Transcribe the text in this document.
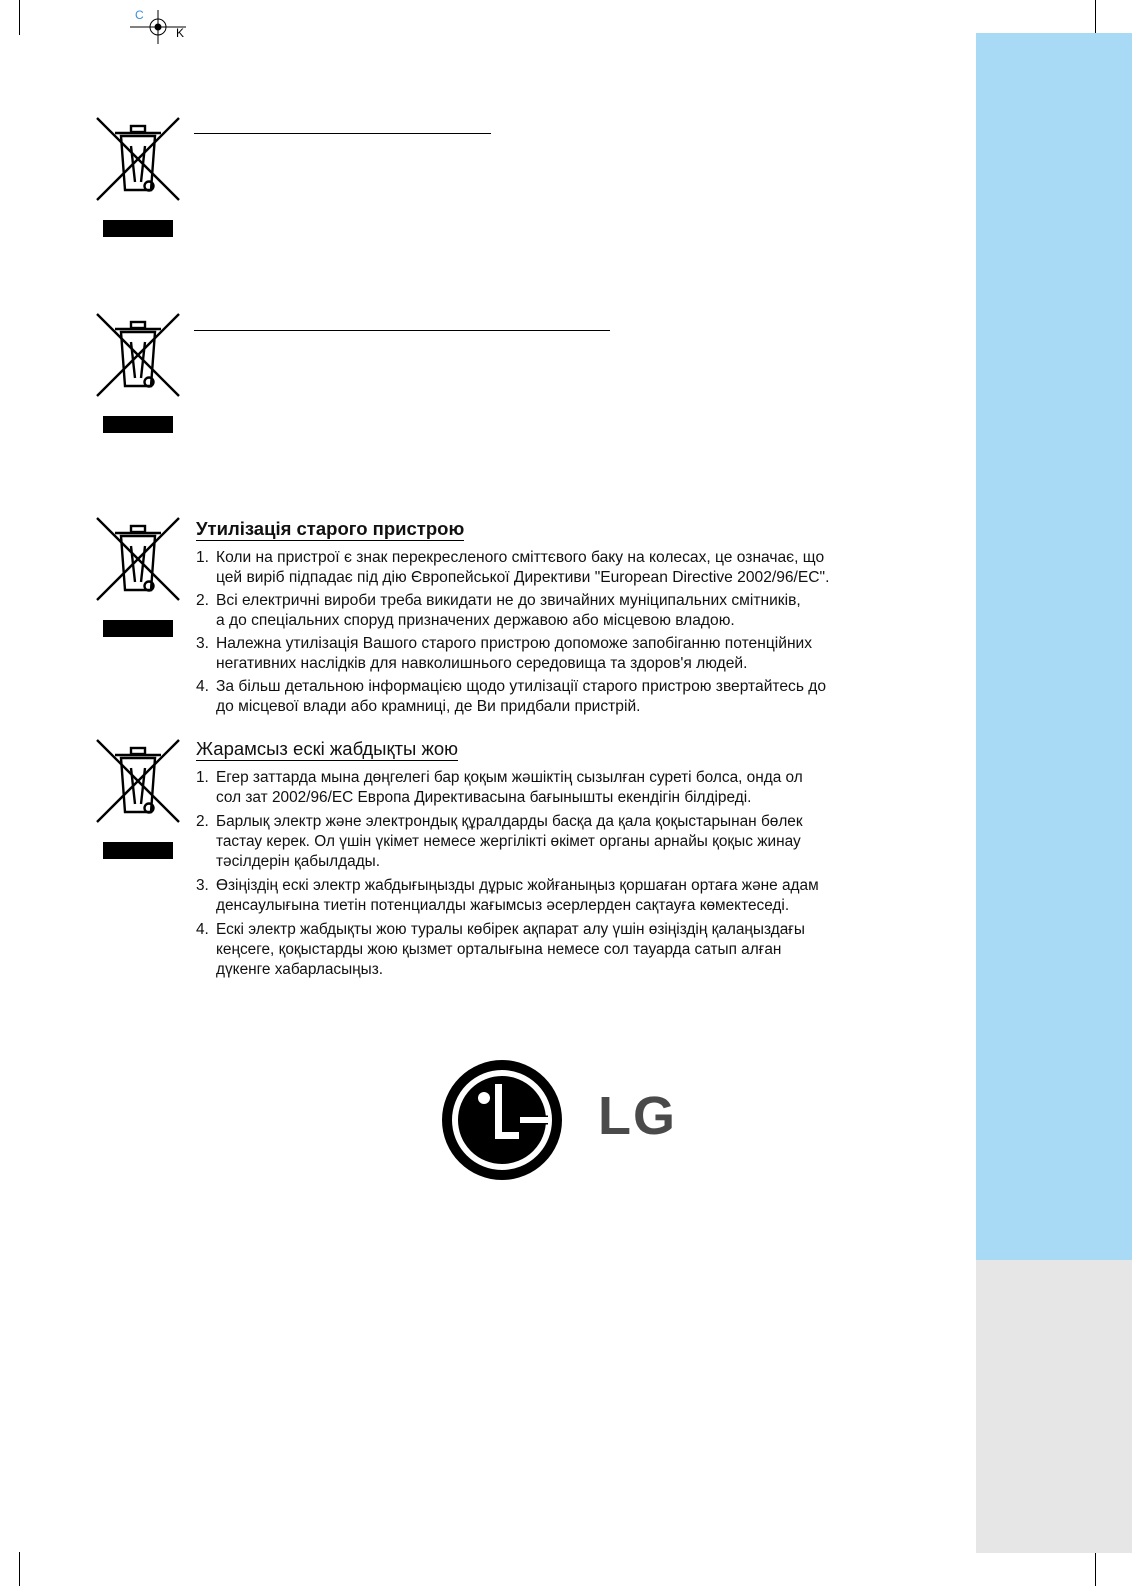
C
K
Утилізація старого пристрою
1. Коли на пристрої є знак перекресленого сміттєвого баку на колесах, це означає, що
цей виріб підпадає під дію Європейської Директиви "European Directive 2002/96/EC".
2. Всі електричні вироби треба викидати не до звичайних муніципальних смітників,
а до спеціальних споруд призначених державою або місцевою владою.
3. Належна утилізація Вашого старого пристрою допоможе запобіганню потенційних
негативних наслідків для навколишнього середовища та здоров'я людей.
4. За більш детальною інформацією щодо утилізації старого пристрою звертайтесь до
до місцевої влади або крамниці, де Ви придбали пристрій.
Жарамсыз ескі жабдықты жою
1. Егер заттарда мына дөңгелегі бар қоқым жәшіктің сызылған суреті болса, онда ол
сол зат 2002/96/EC Европа Директивасына бағынышты екендігін білдіреді.
2. Барлық электр және электрондық құралдарды басқа да қала қоқыстарынан бөлек
тастау керек. Ол үшін үкімет немесе жергілікті өкімет органы арнайы қоқыс жинау
тәсілдерін қабылдады.
3. Өзіңіздің ескі электр жабдығыңызды дұрыс жойғаныңыз қоршаған ортаға және адам
денсаулығына тиетін потенциалды жағымсыз әсерлерден сақтауға көмектеседі.
4. Ескі электр жабдықты жою туралы көбірек ақпарат алу үшін өзіңіздің қалаңыздағы
кеңсеге, қоқыстарды жою қызмет орталығына немесе сол тауарда сатып алған
дүкенге хабарласыңыз.
LG
